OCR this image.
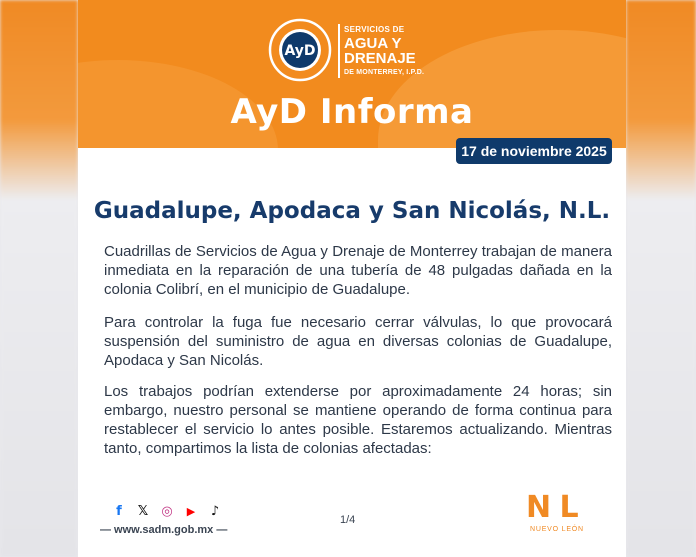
AyD
SERVICIOS DE
AGUA Y
DRENAJE
DE MONTERREY, I.P.D.
AyD Informa
17 de noviembre 2025
Guadalupe, Apodaca y San Nicolás, N.L.

Cuadrillas de Servicios de Agua y Drenaje de Monterrey trabajan de manera inmediata en la reparación de una tubería de 48 pulgadas dañada en la colonia Colibrí, en el municipio de Guadalupe.

Para controlar la fuga fue necesario cerrar válvulas, lo que provocará suspensión del suministro de agua en diversas colonias de Guadalupe, Apodaca y San Nicolás.

Los trabajos podrían extenderse por aproximadamente 24 horas; sin embargo, nuestro personal se mantiene operando de forma continua para restablecer el servicio lo antes posible. Estaremos actualizando. Mientras tanto, compartimos la lista de colonias afectadas:

f	𝕏 ◎	▶	♪
— www.sadm.gob.mx —
1/4	N L
NUEVO LEÓN
